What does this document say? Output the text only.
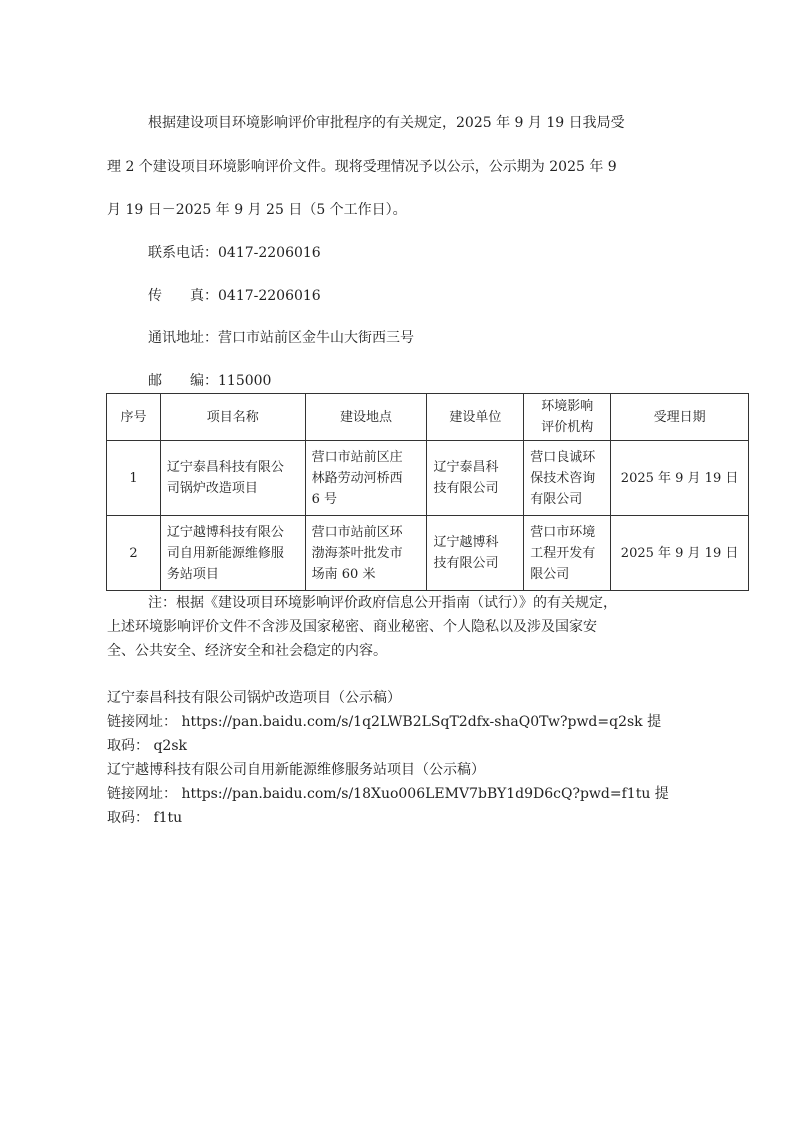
根据建设项目环境影响评价审批程序的有关规定，2025 年 9 月 19 日我局受
理 2 个建设项目环境影响评价文件。现将受理情况予以公示，公示期为 2025 年 9
月 19 日－2025 年 9 月 25 日（5 个工作日）。
联系电话：0417-2206016
传　　真：0417-2206016
通讯地址：营口市站前区金牛山大街西三号
邮　　编：115000
序号	项目名称	建设地点	建设单位	环境影响
评价机构	受理日期
1	辽宁泰昌科技有限公
司锅炉改造项目	营口市站前区庄
林路劳动河桥西
6 号	辽宁泰昌科
技有限公司	营口良诚环
保技术咨询
有限公司	2025 年 9 月 19 日
2	辽宁越博科技有限公
司自用新能源维修服
务站项目	营口市站前区环
渤海茶叶批发市
场南 60 米	辽宁越博科
技有限公司	营口市环境
工程开发有
限公司	2025 年 9 月 19 日
注：根据《建设项目环境影响评价政府信息公开指南（试行）》的有关规定，
上述环境影响评价文件不含涉及国家秘密、商业秘密、个人隐私以及涉及国家安
全、公共安全、经济安全和社会稳定的内容。
辽宁泰昌科技有限公司锅炉改造项目（公示稿）
链接网址： https://pan.baidu.com/s/1q2LWB2LSqT2dfx-shaQ0Tw?pwd=q2sk 提
取码： q2sk
辽宁越博科技有限公司自用新能源维修服务站项目（公示稿）
链接网址： https://pan.baidu.com/s/18Xuo006LEMV7bBY1d9D6cQ?pwd=f1tu 提
取码： f1tu
